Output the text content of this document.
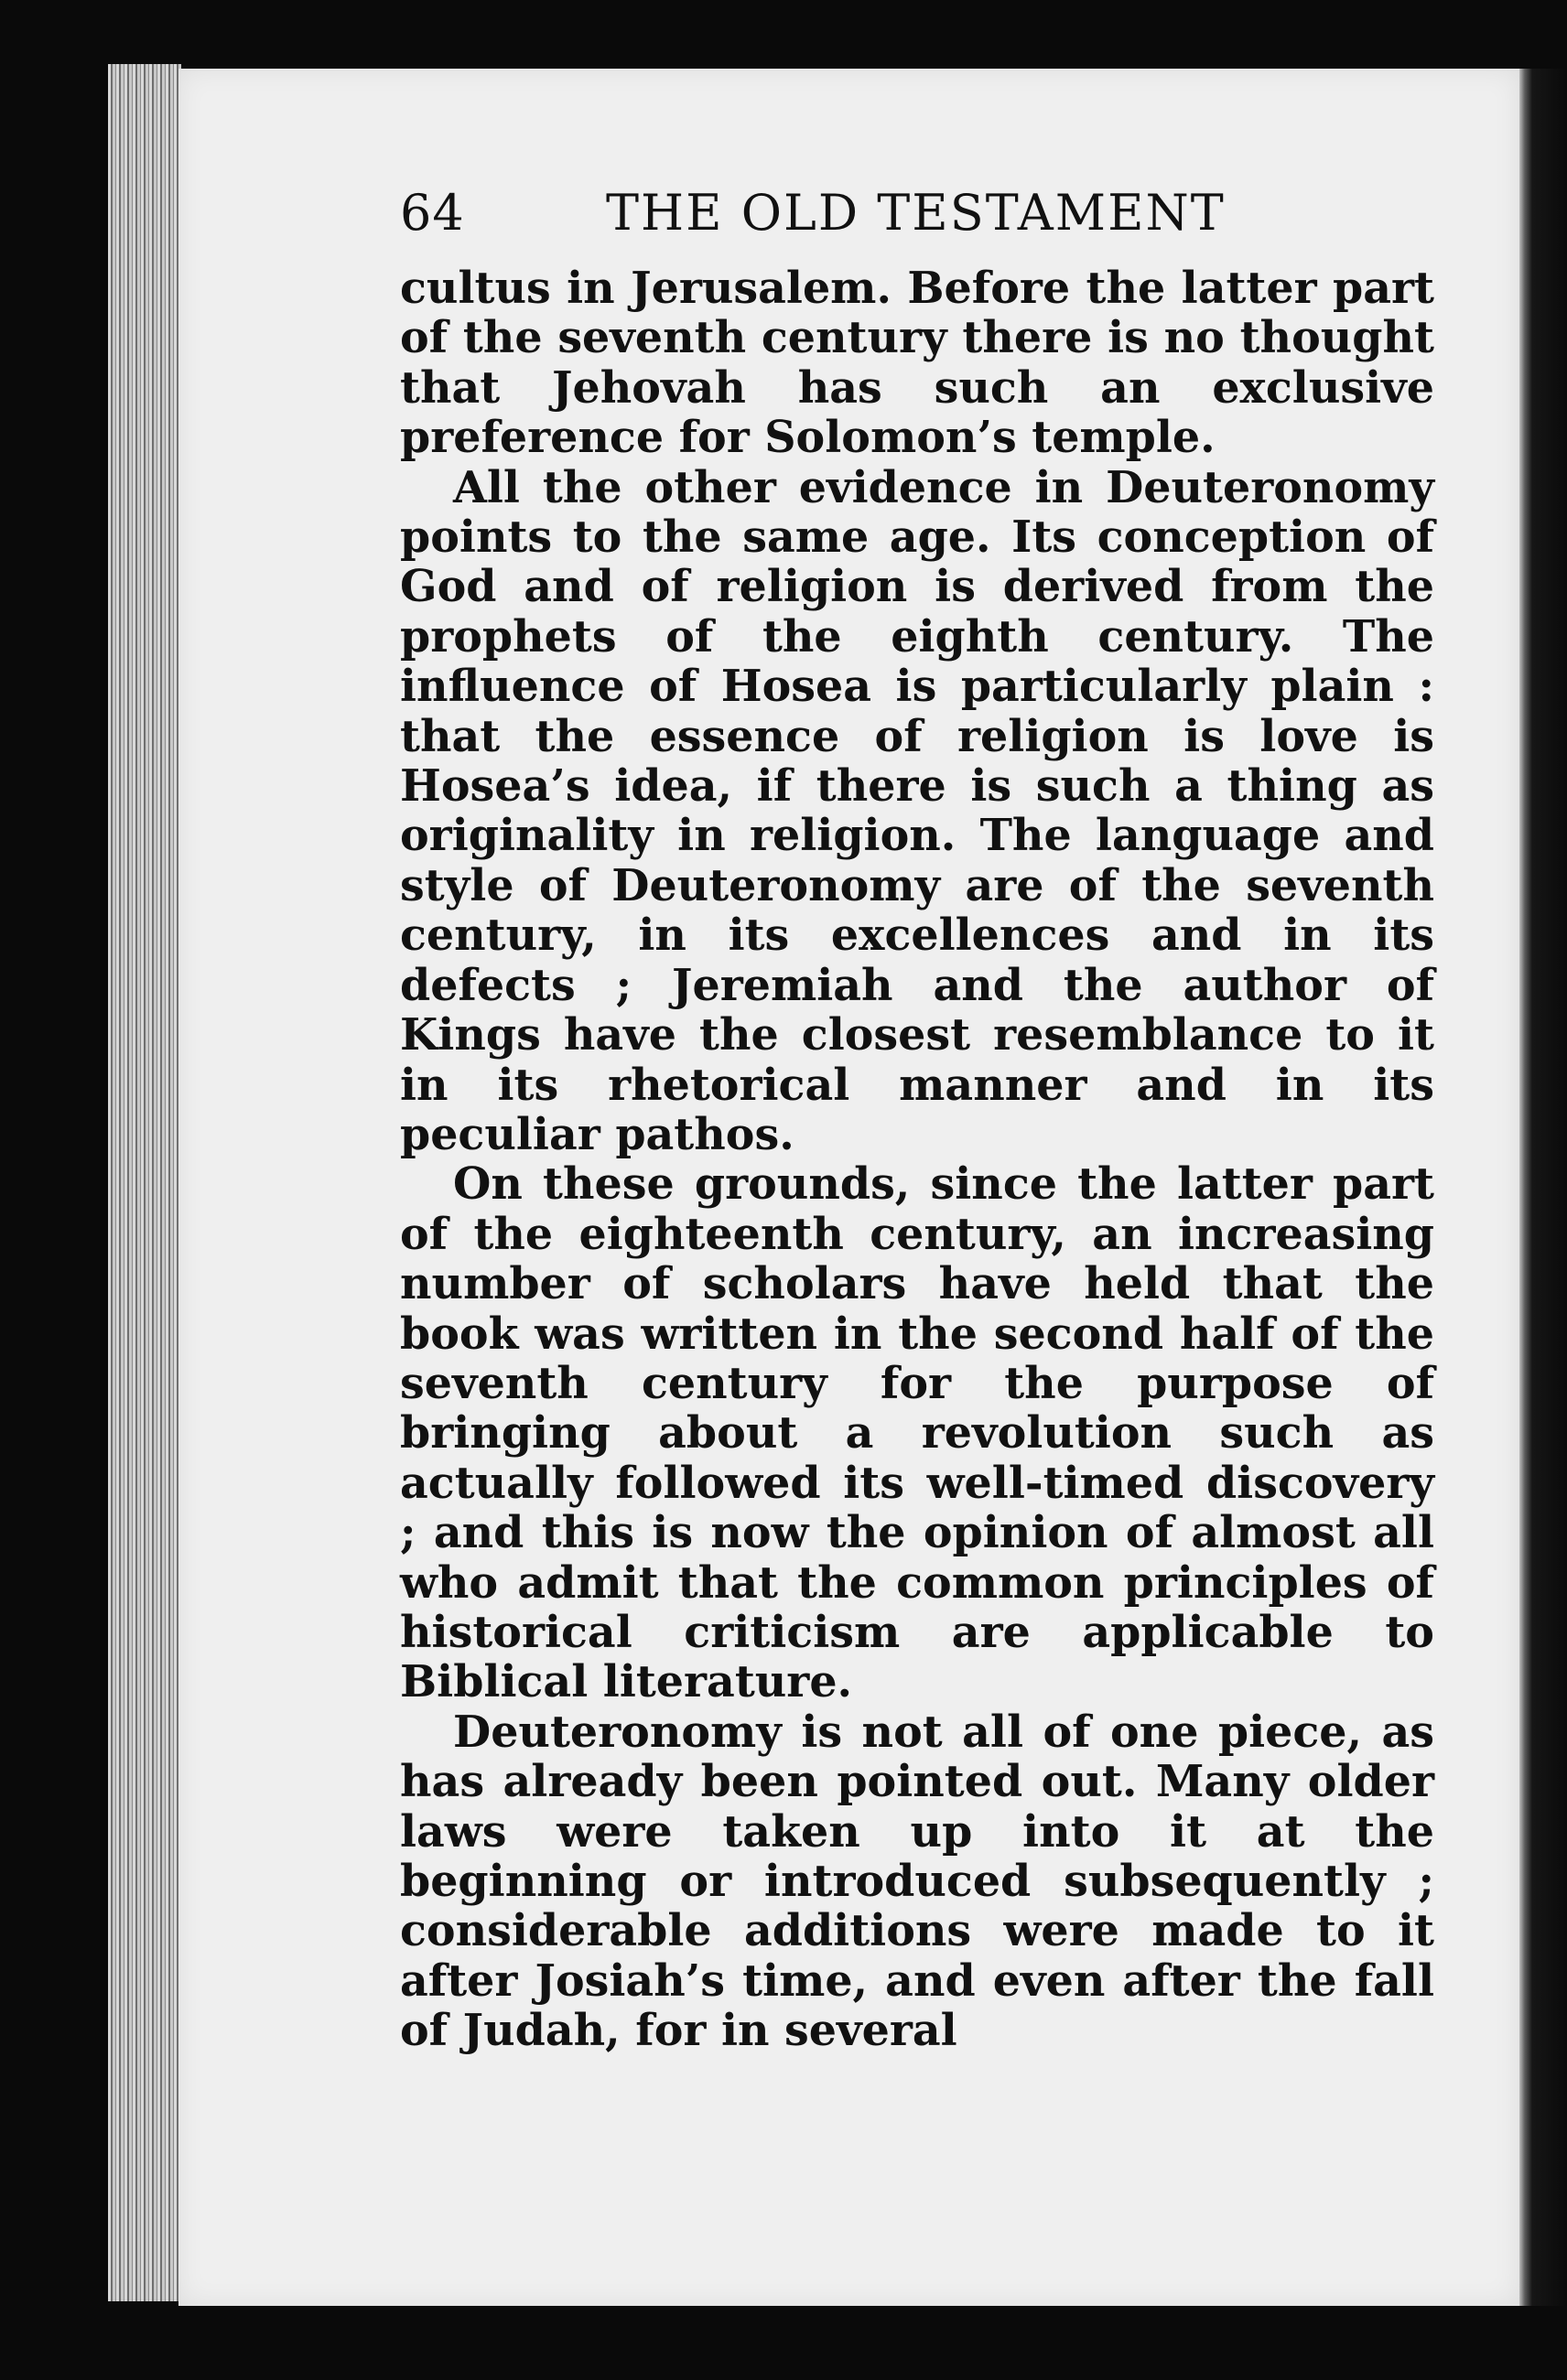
64	THE OLD TESTAMENT

cultus in Jerusalem. Before the latter part of the seventh century there is no thought that Jehovah has such an exclusive preference for Solomon’s temple.

All the other evidence in Deuteronomy points to the same age. Its conception of God and of religion is derived from the prophets of the eighth century. The influence of Hosea is particularly plain : that the essence of religion is love is Hosea’s idea, if there is such a thing as originality in religion. The language and style of Deuteronomy are of the seventh century, in its excellences and in its defects ; Jeremiah and the author of Kings have the closest resemblance to it in its rhetorical manner and in its peculiar pathos.

On these grounds, since the latter part of the eighteenth century, an increasing number of scholars have held that the book was written in the second half of the seventh century for the purpose of bringing about a revolution such as actually followed its well-timed discovery ; and this is now the opinion of almost all who admit that the common principles of historical criticism are applicable to Biblical literature.

Deuteronomy is not all of one piece, as has already been pointed out. Many older laws were taken up into it at the beginning or introduced subsequently ; considerable additions were made to it after Josiah’s time, and even after the fall of Judah, for in several
